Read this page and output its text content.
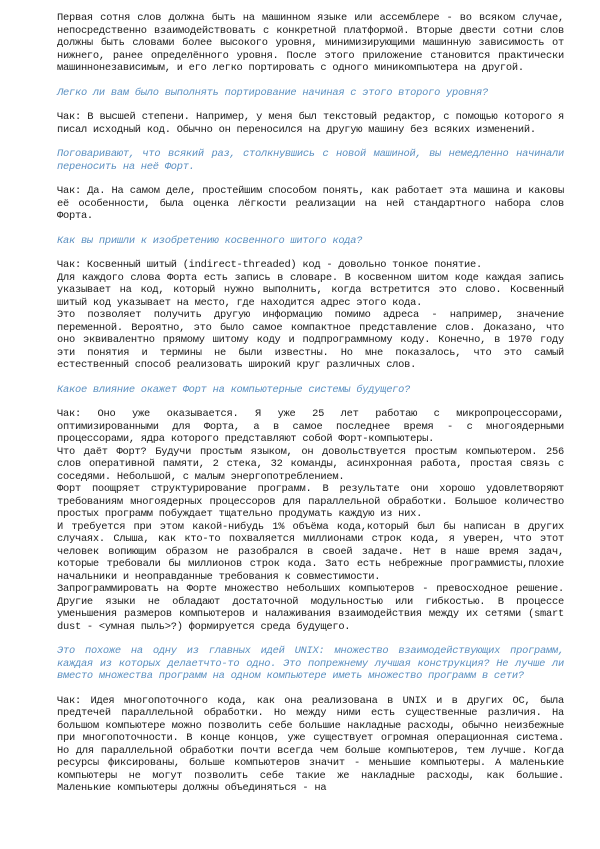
Первая сотня слов должна быть на машинном языке или ассемблере - во всяком случае, непосредственно взаимодействовать с конкретной платформой. Вторые двести сотни слов должны быть словами более высокого уровня, минимизирующими машинную зависимость от нижнего, ранее определённого уровня. После этого приложение становится практически машиннонезависимым, и его легко портировать с одного миникомпьютера на другой.

Легко ли вам было выполнять портирование начиная с этого второго уровня?

Чак: В высшей степени. Например, у меня был текстовый редактор, с помощью которого я писал исходный код. Обычно он переносился на другую машину без всяких изменений.

Поговаривают, что всякий раз, столкнувшись с новой машиной, вы немедленно начинали переносить на неё Форт.

Чак: Да. На самом деле, простейшим способом понять, как работает эта машина и каковы её особенности, была оценка лёгкости реализации на ней стандартного набора слов Форта.

Как вы пришли к изобретению косвенного шитого кода?

Чак: Косвенный шитый (indirect-threaded) код - довольно тонкое понятие.

Для каждого слова Форта есть запись в словаре. В косвенном шитом коде каждая запись указывает на код, который нужно выполнить, когда встретится это слово. Косвенный шитый код указывает на место, где находится адрес этого кода.

Это позволяет получить другую информацию помимо адреса - например, значение переменной. Вероятно, это было самое компактное представление слов. Доказано, что оно эквивалентно прямому шитому коду и подпрограммному коду. Конечно, в 1970 году эти понятия и термины не были известны. Но мне показалось, что это самый естественный способ реализовать широкий круг различных слов.

Какое влияние окажет Форт на компьютерные системы будущего?

Чак: Оно уже оказывается. Я уже 25 лет работаю с микропроцессорами, оптимизированными для Форта, а в самое последнее время - с многоядерными процессорами, ядра которого представляют собой Форт-компьютеры.

Что даёт Форт? Будучи простым языком, он довольствуется простым компьютером. 256 слов оперативной памяти, 2 стека, 32 команды, асинхронная работа, простая связь с соседями. Небольшой, с малым энергопотреблением.

Форт поощряет структурирование программ. В результате они хорошо удовлетворяют требованиям многоядерных процессоров для параллельной обработки. Большое количество простых программ побуждает тщательно продумать каждую из них.

И требуется при этом какой-нибудь 1% объёма кода,который был бы написан в других случаях. Слыша, как кто-то похваляется миллионами строк кода, я уверен, что этот человек вопиющим образом не разобрался в своей задаче. Нет в наше время задач, которые требовали бы миллионов строк кода. Зато есть небрежные программисты,плохие начальники и неоправданные требования к совместимости.

Запрограммировать на Форте множество небольших компьютеров - превосходное решение. Другие языки не обладают достаточной модульностью или гибкостью. В процессе уменьшения размеров компьютеров и налаживания взаимодействия между их сетями (smart dust - <умная пыль>?) формируется среда будущего.

Это похоже на одну из главных идей UNIX: множество взаимодействующих программ, каждая из которых делаетчто-то одно. Это попрежнему лучшая конструкция? Не лучше ли вместо множества программ на одном компьютере иметь множество программ в сети?

Чак: Идея многопоточного кода, как она реализована в UNIX и в других ОС, была предтечей параллельной обработки. Но между ними есть существенные различия. На большом компьютере можно позволить себе большие накладные расходы, обычно неизбежные при многопоточности. В конце концов, уже существует огромная операционная система. Но для параллельной обработки почти всегда чем больше компьютеров, тем лучше. Когда ресурсы фиксированы, больше компьютеров значит - меньшие компьютеры. А маленькие компьютеры не могут позволить себе такие же накладные расходы, как большие. Маленькие компьютеры должны объединяться - на
